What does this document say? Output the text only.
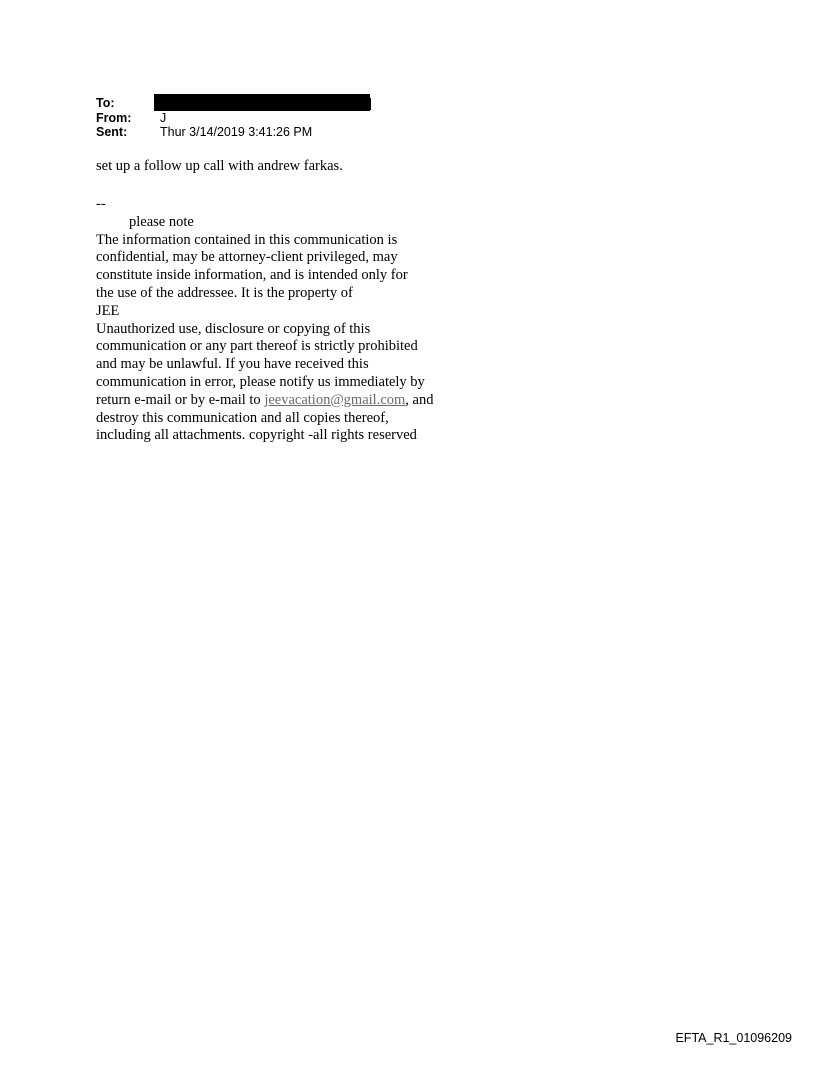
To:
From:	J
Sent:	Thur 3/14/2019 3:41:26 PM
set up a follow up call with andrew farkas.
--
please note
The information contained in this communication is
confidential, may be attorney-client privileged, may
constitute inside information, and is intended only for
the use of the addressee. It is the property of
JEE
Unauthorized use, disclosure or copying of this
communication or any part thereof is strictly prohibited
and may be unlawful. If you have received this
communication in error, please notify us immediately by
return e-mail or by e-mail to jeevacation@gmail.com, and
destroy this communication and all copies thereof,
including all attachments. copyright -all rights reserved
EFTA_R1_01096209
